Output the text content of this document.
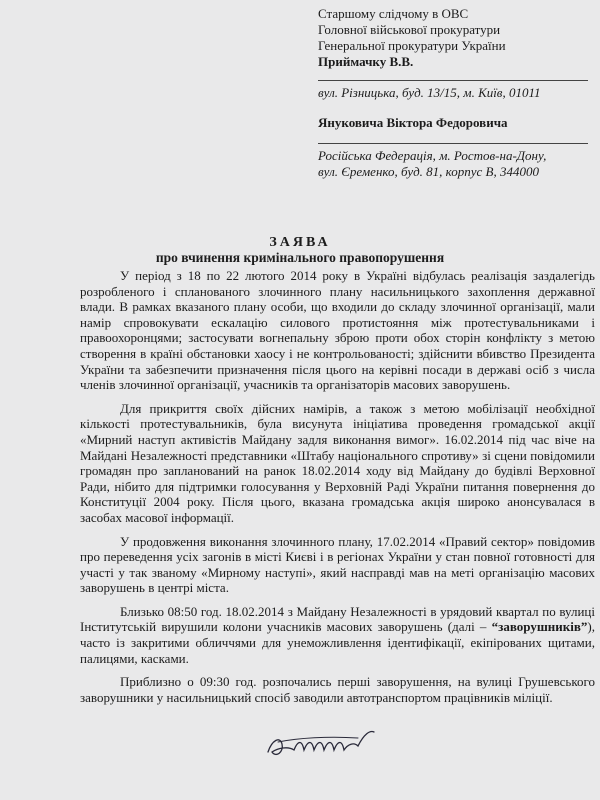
Старшому слідчому в ОВС
Головної військової прокуратури
Генеральної прокуратури України
Приймачку В.В.
вул. Різницька, буд. 13/15, м. Київ, 01011
Януковича Віктора Федоровича
Російська Федерація, м. Ростов-на-Дону,
вул. Єременко, буд. 81, корпус В, 344000
ЗАЯВА
про вчинення кримінального правопорушення

У період з 18 по 22 лютого 2014 року в Україні відбулась реалізація заздалегідь розробленого і спланованого злочинного плану насильницького захоплення державної влади. В рамках вказаного плану особи, що входили до складу злочинної організації, мали намір спровокувати ескалацію силового протистояння між протестувальниками і правоохоронцями; застосувати вогнепальну зброю проти обох сторін конфлікту з метою створення в країні обстановки хаосу і не контрольованості; здійснити вбивство Президента України та забезпечити призначення після цього на керівні посади в державі осіб з числа членів злочинної організації, учасників та організаторів масових заворушень.

Для прикриття своїх дійсних намірів, а також з метою мобілізації необхідної кількості протестувальників, була висунута ініціатива проведення громадської акції «Мирний наступ активістів Майдану задля виконання вимог». 16.02.2014 під час віче на Майдані Незалежності представники «Штабу національного спротиву» зі сцени повідомили громадян про запланований на ранок 18.02.2014 ходу від Майдану до будівлі Верховної Ради, нібито для підтримки голосування у Верховній Раді України питання повернення до Конституції 2004 року. Після цього, вказана громадська акція широко анонсувалася в засобах масової інформації.

У продовження виконання злочинного плану, 17.02.2014 «Правий сектор» повідомив про переведення усіх загонів в місті Києві і в регіонах України у стан повної готовності для участі у так званому «Мирному наступі», який насправді мав на меті організацію масових заворушень в центрі міста.

Близько 08:50 год. 18.02.2014 з Майдану Незалежності в урядовий квартал по вулиці Інститутській вирушили колони учасників масових заворушень (далі – “заворушників”), часто із закритими обличчями для унеможливлення ідентифікації, екіпірованих щитами, палицями, касками.

Приблизно о 09:30 год. розпочались перші заворушення, на вулиці Грушевського заворушники у насильницький спосіб заводили автотранспортом працівників міліції.
